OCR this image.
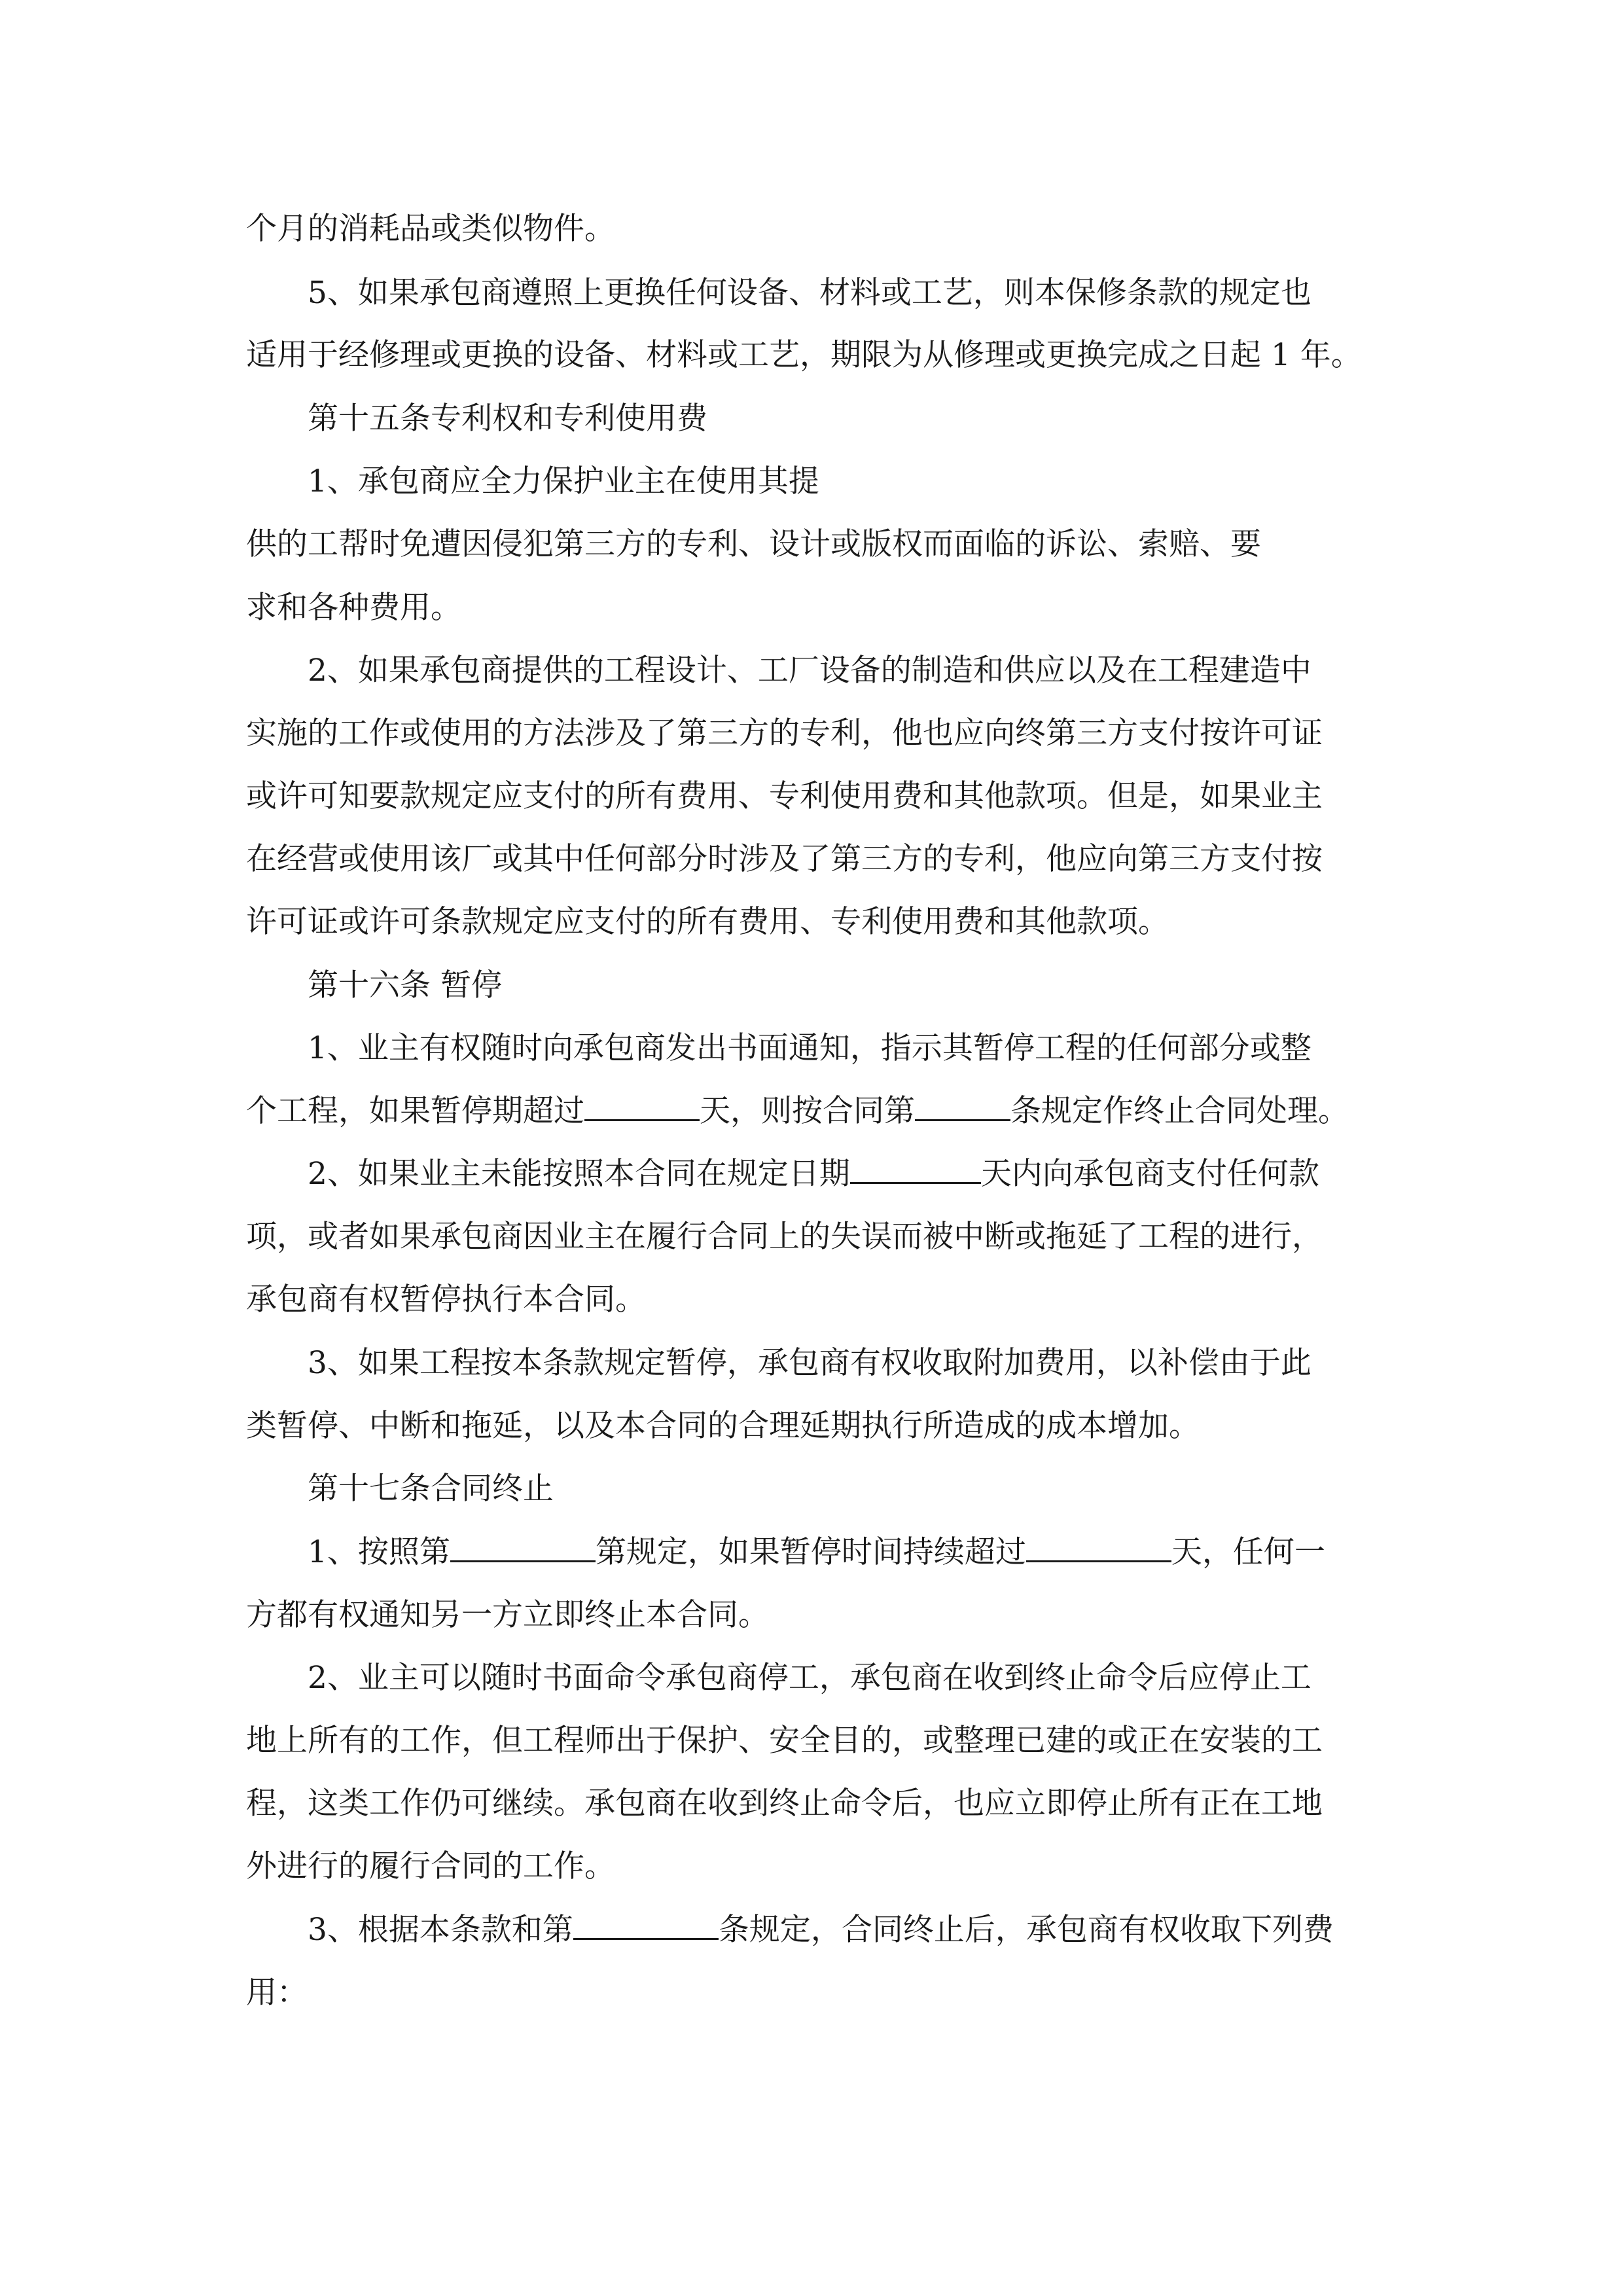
个月的消耗品或类似物件。

5、如果承包商遵照上更换任何设备、材料或工艺，则本保修条款的规定也

适用于经修理或更换的设备、材料或工艺，期限为从修理或更换完成之日起 1 年。

第十五条专利权和专利使用费

1、承包商应全力保护业主在使用其提

供的工帮时免遭因侵犯第三方的专利、设计或版权而面临的诉讼、索赔、要

求和各种费用。

2、如果承包商提供的工程设计、工厂设备的制造和供应以及在工程建造中

实施的工作或使用的方法涉及了第三方的专利，他也应向终第三方支付按许可证

或许可知要款规定应支付的所有费用、专利使用费和其他款项。但是，如果业主

在经营或使用该厂或其中任何部分时涉及了第三方的专利，他应向第三方支付按

许可证或许可条款规定应支付的所有费用、专利使用费和其他款项。

第十六条 暂停

1、业主有权随时向承包商发出书面通知，指示其暂停工程的任何部分或整

个工程，如果暂停期超过	天，则按合同第	条规定作终止合同处理。

2、如果业主未能按照本合同在规定日期	天内向承包商支付任何款

项，或者如果承包商因业主在履行合同上的失误而被中断或拖延了工程的进行，

承包商有权暂停执行本合同。

3、如果工程按本条款规定暂停，承包商有权收取附加费用，以补偿由于此

类暂停、中断和拖延，以及本合同的合理延期执行所造成的成本增加。

第十七条合同终止

1、按照第	第规定，如果暂停时间持续超过	天，任何一

方都有权通知另一方立即终止本合同。

2、业主可以随时书面命令承包商停工，承包商在收到终止命令后应停止工

地上所有的工作，但工程师出于保护、安全目的，或整理已建的或正在安装的工

程，这类工作仍可继续。承包商在收到终止命令后，也应立即停止所有正在工地

外进行的履行合同的工作。

3、根据本条款和第	条规定，合同终止后，承包商有权收取下列费

用：
